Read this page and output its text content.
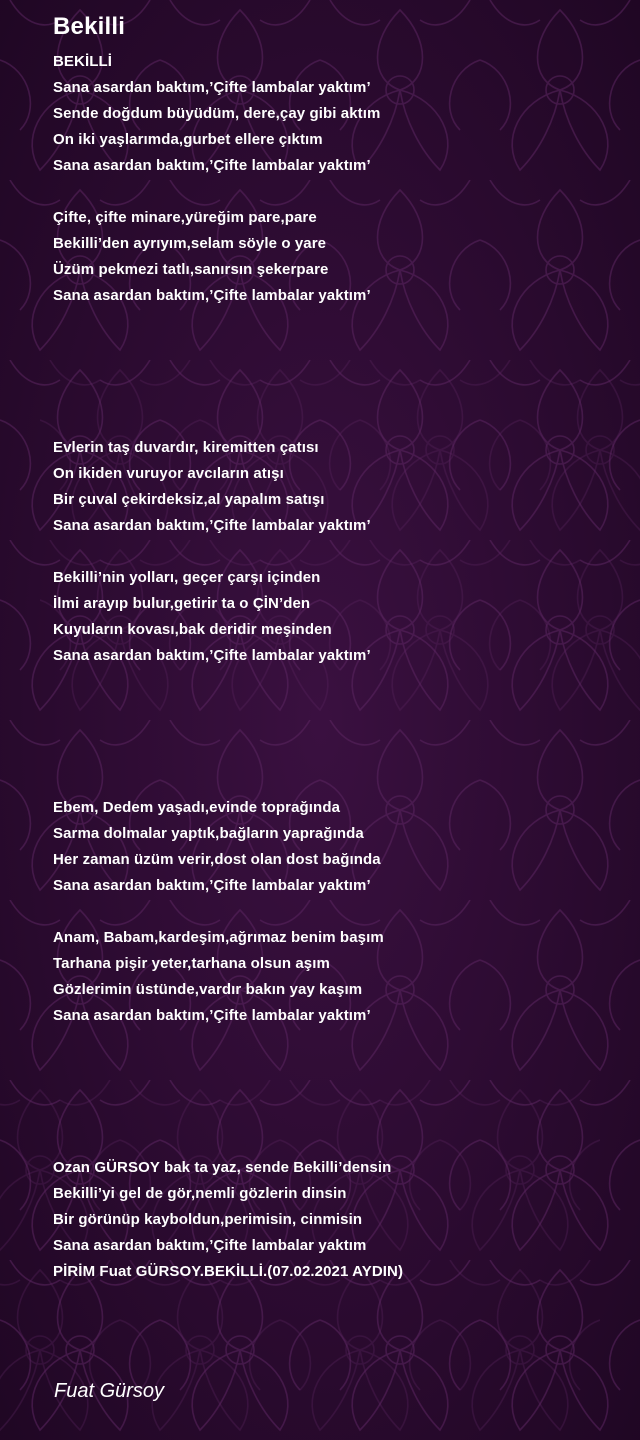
Bekilli
BEKİLLİ
Sana asardan baktım,’Çifte lambalar yaktım’
Sende doğdum büyüdüm, dere,çay gibi aktım
On iki yaşlarımda,gurbet ellere çıktım
Sana asardan baktım,’Çifte lambalar yaktım’
Çifte, çifte minare,yüreğim pare,pare
Bekilli’den ayrıyım,selam söyle o yare
Üzüm pekmezi tatlı,sanırsın şekerpare
Sana asardan baktım,’Çifte lambalar yaktım’
Evlerin taş duvardır, kiremitten çatısı
On ikiden vuruyor avcıların atışı
Bir çuval çekirdeksiz,al yapalım satışı
Sana asardan baktım,’Çifte lambalar yaktım’
Bekilli’nin yolları, geçer çarşı içinden
İlmi arayıp bulur,getirir ta o ÇİN’den
Kuyuların kovası,bak deridir meşinden
Sana asardan baktım,’Çifte lambalar yaktım’
Ebem, Dedem yaşadı,evinde toprağında
Sarma dolmalar yaptık,bağların yaprağında
Her zaman üzüm verir,dost olan dost bağında
Sana asardan baktım,’Çifte lambalar yaktım’
Anam, Babam,kardeşim,ağrımaz benim başım
Tarhana pişir yeter,tarhana olsun aşım
Gözlerimin üstünde,vardır bakın yay kaşım
Sana asardan baktım,’Çifte lambalar yaktım’
Ozan GÜRSOY bak ta yaz, sende Bekilli’densin
Bekilli’yi gel de gör,nemli gözlerin dinsin
Bir görünüp kayboldun,perimisin, cinmisin
Sana asardan baktım,’Çifte lambalar yaktım
PİRİM Fuat GÜRSOY.BEKİLLİ.(07.02.2021 AYDIN)
Fuat Gürsoy
